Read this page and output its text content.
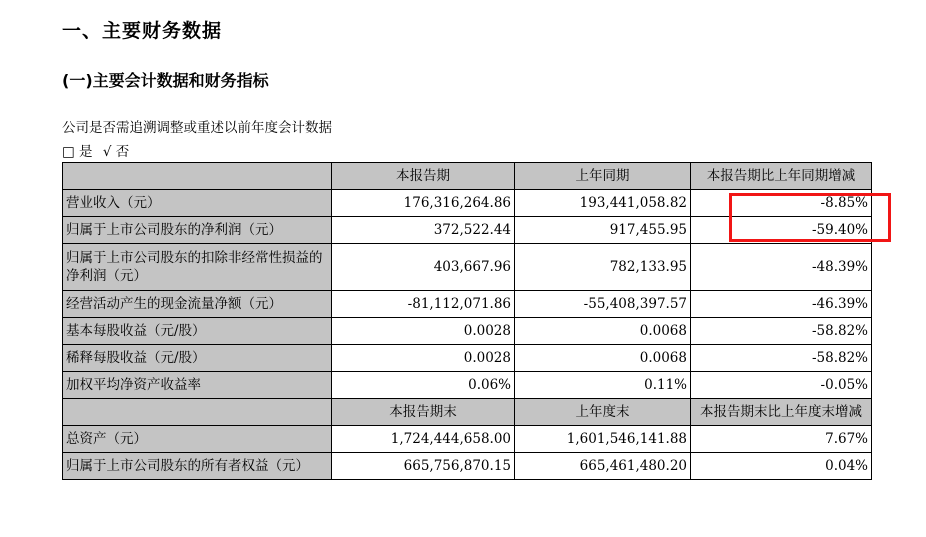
一、主要财务数据
(一)主要会计数据和财务指标
公司是否需追溯调整或重述以前年度会计数据
□ 是 √ 否
	本报告期	上年同期	本报告期比上年同期增减
营业收入（元）	176,316,264.86	193,441,058.82	-8.85%
归属于上市公司股东的净利润（元）	372,522.44	917,455.95	-59.40%
归属于上市公司股东的扣除非经常性损益的净利润（元）	403,667.96	782,133.95	-48.39%
经营活动产生的现金流量净额（元）	-81,112,071.86	-55,408,397.57	-46.39%
基本每股收益（元/股）	0.0028	0.0068	-58.82%
稀释每股收益（元/股）	0.0028	0.0068	-58.82%
加权平均净资产收益率	0.06%	0.11%	-0.05%
	本报告期末	上年度末	本报告期末比上年度末增减
总资产（元）	1,724,444,658.00	1,601,546,141.88	7.67%
归属于上市公司股东的所有者权益（元）	665,756,870.15	665,461,480.20	0.04%
